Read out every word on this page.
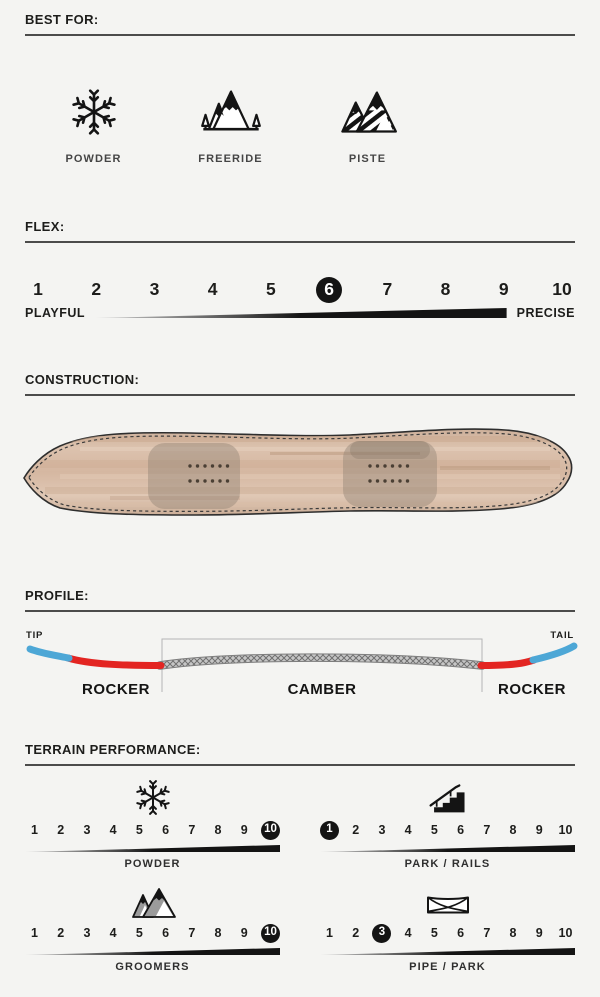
BEST FOR:
POWDER	FREERIDE	PISTE
FLEX:
1	2	3	4	5	6	7	8	9	10
PLAYFUL	PRECISE
CONSTRUCTION:
PROFILE:
TIP	TAIL
ROCKER	CAMBER	ROCKER
TERRAIN PERFORMANCE:
1	2	3	4	5	6	7	8	9	10
POWDER
1	2	3	4	5	6	7	8	9	10
PARK / RAILS
1	2	3	4	5	6	7	8	9	10
GROOMERS
1	2	3	4	5	6	7	8	9	10
PIPE / PARK
